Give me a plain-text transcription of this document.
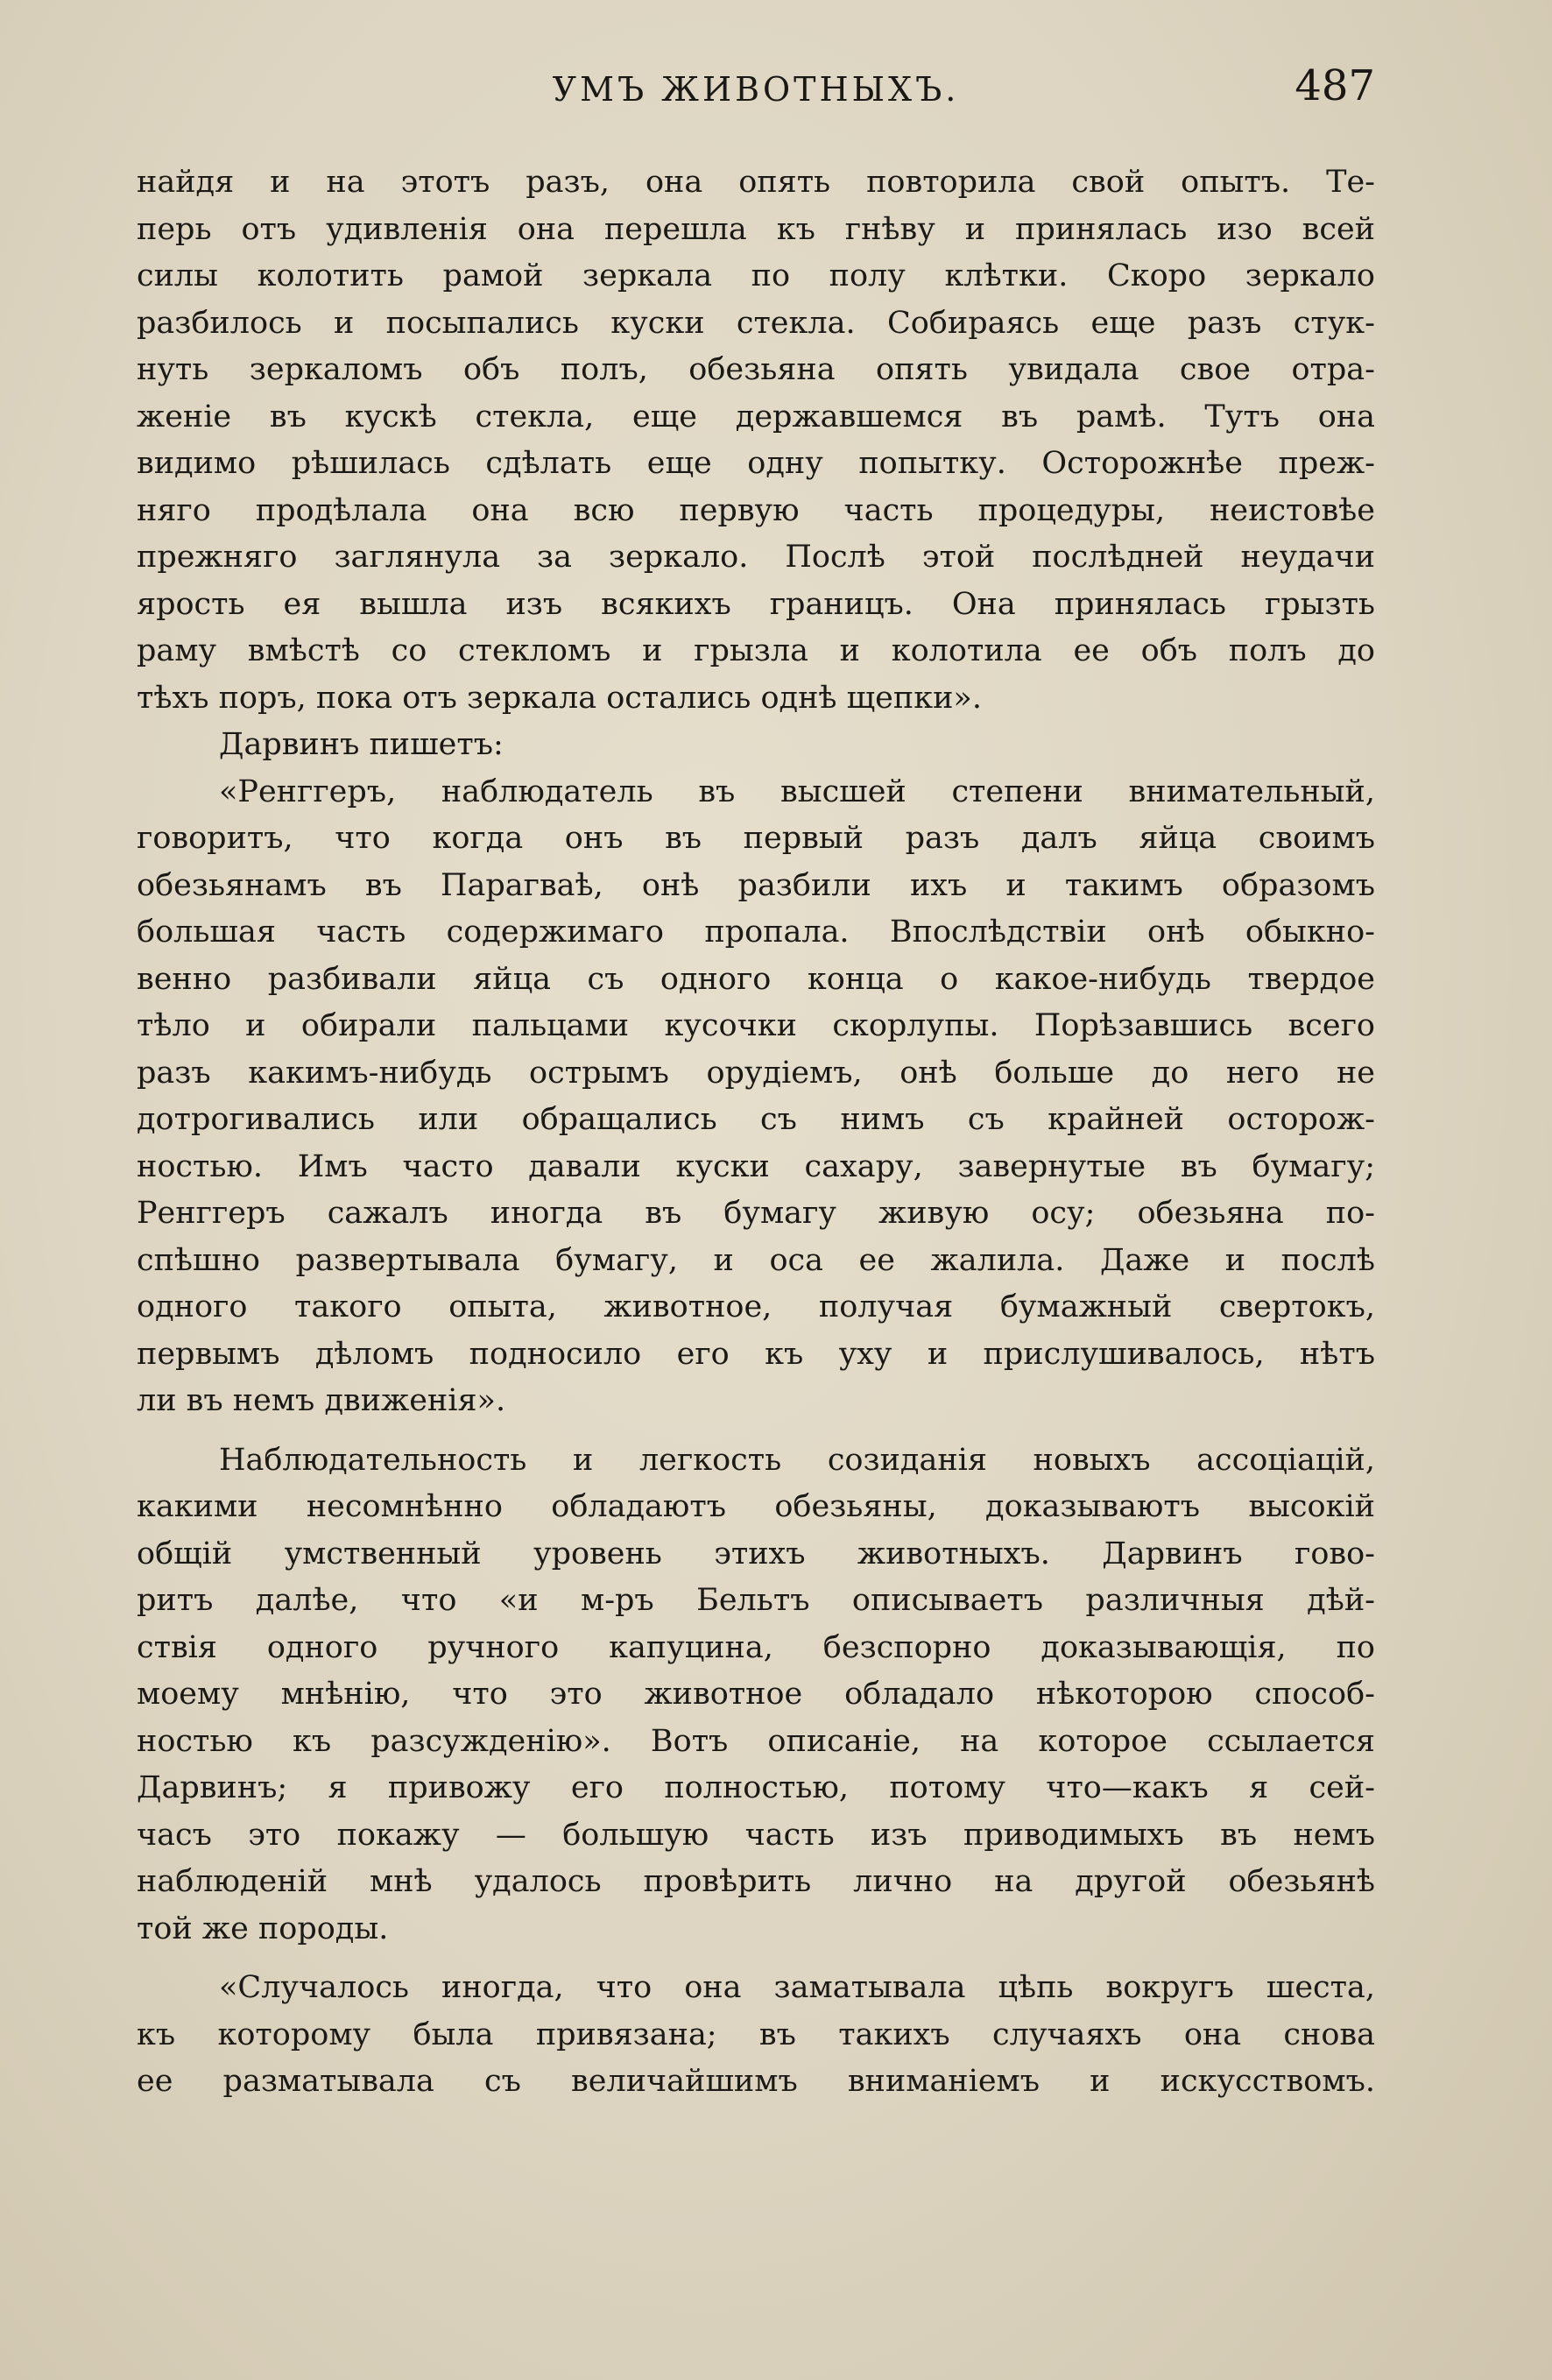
УМЪ ЖИВОТНЫХЪ.	487
найдя и на этотъ разъ, она опять повторила свой опытъ. Те-
перь отъ удивленія она перешла къ гнѣву и принялась изо всей
силы колотить рамой зеркала по полу клѣтки. Скоро зеркало
разбилось и посыпались куски стекла. Собираясь еще разъ стук-
нуть зеркаломъ объ полъ, обезьяна опять увидала свое отра-
женіе въ кускѣ стекла, еще державшемся въ рамѣ. Тутъ она
видимо рѣшилась сдѣлать еще одну попытку. Осторожнѣе преж-
няго продѣлала она всю первую часть процедуры, неистовѣе
прежняго заглянула за зеркало. Послѣ этой послѣдней неудачи
ярость ея вышла изъ всякихъ границъ. Она принялась грызть
раму вмѣстѣ со стекломъ и грызла и колотила ее объ полъ до
тѣхъ поръ, пока отъ зеркала остались однѣ щепки».
Дарвинъ пишетъ:
«Ренггеръ, наблюдатель въ высшей степени внимательный,
говоритъ, что когда онъ въ первый разъ далъ яйца своимъ
обезьянамъ въ Парагваѣ, онѣ разбили ихъ и такимъ образомъ
большая часть содержимаго пропала. Впослѣдствіи онѣ обыкно-
венно разбивали яйца съ одного конца о какое-нибудь твердое
тѣло и обирали пальцами кусочки скорлупы. Порѣзавшись всего
разъ какимъ-нибудь острымъ орудіемъ, онѣ больше до него не
дотрогивались или обращались съ нимъ съ крайней осторож-
ностью. Имъ часто давали куски сахару, завернутые въ бумагу;
Ренггеръ сажалъ иногда въ бумагу живую осу; обезьяна по-
спѣшно развертывала бумагу, и оса ее жалила. Даже и послѣ
одного такого опыта, животное, получая бумажный свертокъ,
первымъ дѣломъ подносило его къ уху и прислушивалось, нѣтъ
ли въ немъ движенія».
Наблюдательность и легкость созиданія новыхъ ассоціацій,
какими несомнѣнно обладаютъ обезьяны, доказываютъ высокій
общій умственный уровень этихъ животныхъ. Дарвинъ гово-
ритъ далѣе, что «и м-ръ Бельтъ описываетъ различныя дѣй-
ствія одного ручного капуцина, безспорно доказывающія, по
моему мнѣнію, что это животное обладало нѣкоторою способ-
ностью къ разсужденію». Вотъ описаніе, на которое ссылается
Дарвинъ; я привожу его полностью, потому что—какъ я сей-
часъ это покажу — большую часть изъ приводимыхъ въ немъ
наблюденій мнѣ удалось провѣрить лично на другой обезьянѣ
той же породы.
«Случалось иногда, что она заматывала цѣпь вокругъ шеста,
къ которому была привязана; въ такихъ случаяхъ она снова
ее разматывала съ величайшимъ вниманіемъ и искусствомъ.
